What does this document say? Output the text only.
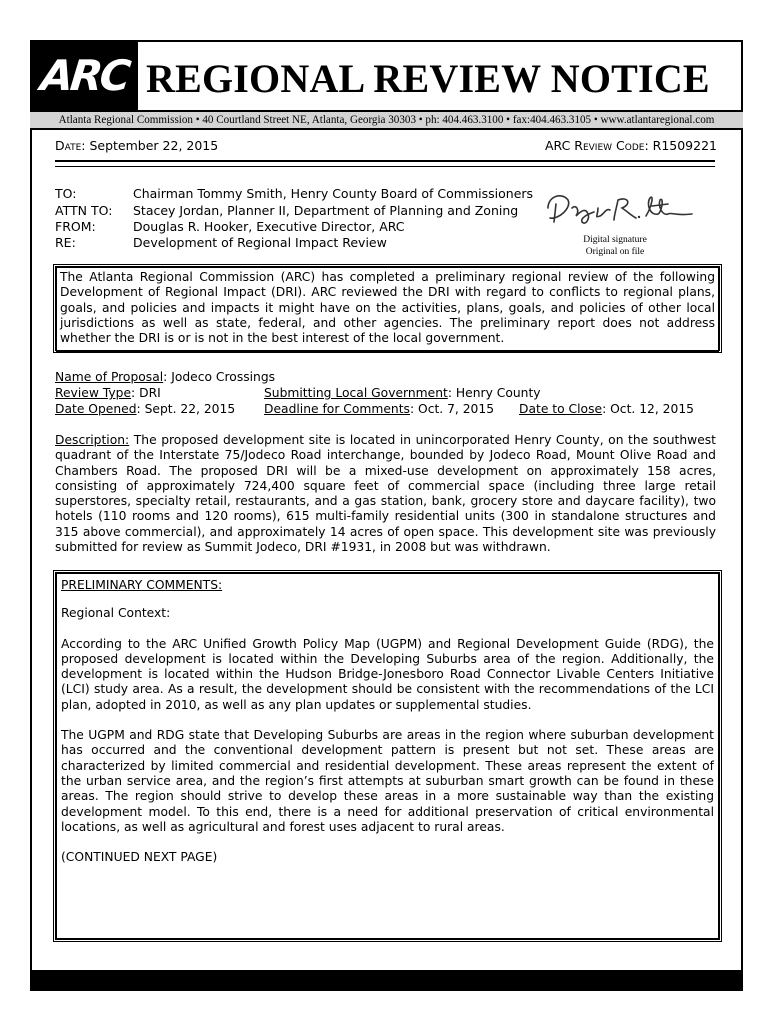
ARC REGIONAL REVIEW NOTICE
Atlanta Regional Commission • 40 Courtland Street NE, Atlanta, Georgia 30303 • ph: 404.463.3100 • fax:404.463.3105 • www.atlantaregional.com
Date: September 22, 2015	ARC Review Code: R1509221
TO:	Chairman Tommy Smith, Henry County Board of Commissioners
ATTN TO: Stacey Jordan, Planner II, Department of Planning and Zoning
FROM:	Douglas R. Hooker, Executive Director, ARC
RE:	Development of Regional Impact Review	Digital signature
Original on file

The Atlanta Regional Commission (ARC) has completed a preliminary regional review of the following Development of Regional Impact (DRI). ARC reviewed the DRI with regard to conflicts to regional plans, goals, and policies and impacts it might have on the activities, plans, goals, and policies of other local jurisdictions as well as state, federal, and other agencies. The preliminary report does not address whether the DRI is or is not in the best interest of the local government.

Name of Proposal: Jodeco Crossings
Review Type: DRI	Submitting Local Government: Henry County
Date Opened: Sept. 22, 2015 Deadline for Comments: Oct. 7, 2015 Date to Close: Oct. 12, 2015

Description: The proposed development site is located in unincorporated Henry County, on the southwest quadrant of the Interstate 75/Jodeco Road interchange, bounded by Jodeco Road, Mount Olive Road and Chambers Road. The proposed DRI will be a mixed-use development on approximately 158 acres, consisting of approximately 724,400 square feet of commercial space (including three large retail superstores, specialty retail, restaurants, and a gas station, bank, grocery store and daycare facility), two hotels (110 rooms and 120 rooms), 615 multi-family residential units (300 in standalone structures and 315 above commercial), and approximately 14 acres of open space. This development site was previously submitted for review as Summit Jodeco, DRI #1931, in 2008 but was withdrawn.

PRELIMINARY COMMENTS:

Regional Context:

According to the ARC Unified Growth Policy Map (UGPM) and Regional Development Guide (RDG), the proposed development is located within the Developing Suburbs area of the region. Additionally, the development is located within the Hudson Bridge-Jonesboro Road Connector Livable Centers Initiative (LCI) study area. As a result, the development should be consistent with the recommendations of the LCI plan, adopted in 2010, as well as any plan updates or supplemental studies.

The UGPM and RDG state that Developing Suburbs are areas in the region where suburban development has occurred and the conventional development pattern is present but not set. These areas are characterized by limited commercial and residential development. These areas represent the extent of the urban service area, and the region’s first attempts at suburban smart growth can be found in these areas. The region should strive to develop these areas in a more sustainable way than the existing development model. To this end, there is a need for additional preservation of critical environmental locations, as well as agricultural and forest uses adjacent to rural areas.

(CONTINUED NEXT PAGE)
